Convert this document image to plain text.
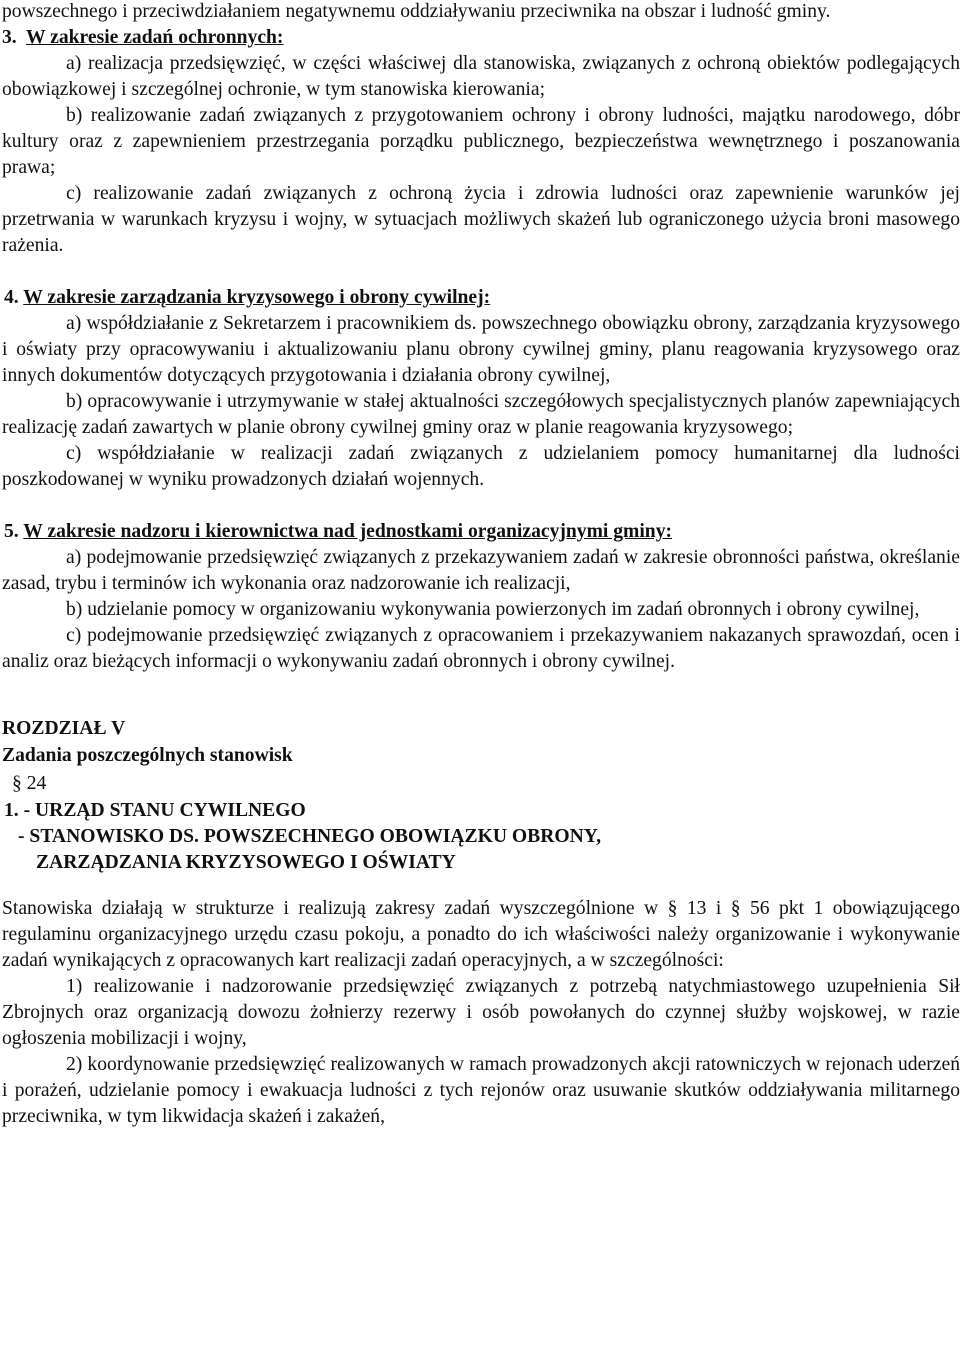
powszechnego i przeciwdziałaniem negatywnemu oddziaływaniu przeciwnika na obszar i ludność gminy.

3.W zakresie zadań ochronnych:

a) realizacja przedsięwzięć, w części właściwej dla stanowiska, związanych z ochroną obiektów podlegających obowiązkowej i szczególnej ochronie, w tym stanowiska kierowania;

b) realizowanie zadań związanych z przygotowaniem ochrony i obrony ludności, majątku narodowego, dóbr kultury oraz z zapewnieniem przestrzegania porządku publicznego, bezpieczeństwa wewnętrznego i poszanowania prawa;

c) realizowanie zadań związanych z ochroną życia i zdrowia ludności oraz zapewnienie warunków jej przetrwania w warunkach kryzysu i wojny, w sytuacjach możliwych skażeń lub ograniczonego użycia broni masowego rażenia.

4. W zakresie zarządzania kryzysowego i obrony cywilnej:

a) współdziałanie z Sekretarzem i pracownikiem ds. powszechnego obowiązku obrony, zarządzania kryzysowego i oświaty przy opracowywaniu i aktualizowaniu planu obrony cywilnej gminy, planu reagowania kryzysowego oraz innych dokumentów dotyczących przygotowania i działania obrony cywilnej,

b) opracowywanie i utrzymywanie w stałej aktualności szczegółowych specjalistycznych planów zapewniających realizację zadań zawartych w planie obrony cywilnej gminy oraz w planie reagowania kryzysowego;

c) współdziałanie w realizacji zadań związanych z udzielaniem pomocy humanitarnej dla ludności poszkodowanej w wyniku prowadzonych działań wojennych.

5. W zakresie nadzoru i kierownictwa nad jednostkami organizacyjnymi gminy:

a) podejmowanie przedsięwzięć związanych z przekazywaniem zadań w zakresie obronności państwa, określanie zasad, trybu i terminów ich wykonania oraz nadzorowanie ich realizacji,

b) udzielanie pomocy w organizowaniu wykonywania powierzonych im zadań obronnych i obrony cywilnej,

c) podejmowanie przedsięwzięć związanych z opracowaniem i przekazywaniem nakazanych sprawozdań, ocen i analiz oraz bieżących informacji o wykonywaniu zadań obronnych i obrony cywilnej.

ROZDZIAŁ V

Zadania poszczególnych stanowisk

§ 24

1. - URZĄD STANU CYWILNEGO

- STANOWISKO DS. POWSZECHNEGO OBOWIĄZKU OBRONY,

ZARZĄDZANIA KRYZYSOWEGO I OŚWIATY

Stanowiska działają w strukturze i realizują zakresy zadań wyszczególnione w § 13 i § 56 pkt 1 obowiązującego regulaminu organizacyjnego urzędu czasu pokoju, a ponadto do ich właściwości należy organizowanie i wykonywanie zadań wynikających z opracowanych kart realizacji zadań operacyjnych, a w szczególności:

1) realizowanie i nadzorowanie przedsięwzięć związanych z potrzebą natychmiastowego uzupełnienia Sił Zbrojnych oraz organizacją dowozu żołnierzy rezerwy i osób powołanych do czynnej służby wojskowej, w razie ogłoszenia mobilizacji i wojny,

2) koordynowanie przedsięwzięć realizowanych w ramach prowadzonych akcji ratowniczych w rejonach uderzeń i porażeń, udzielanie pomocy i ewakuacja ludności z tych rejonów oraz usuwanie skutków oddziaływania militarnego przeciwnika, w tym likwidacja skażeń i zakażeń,
